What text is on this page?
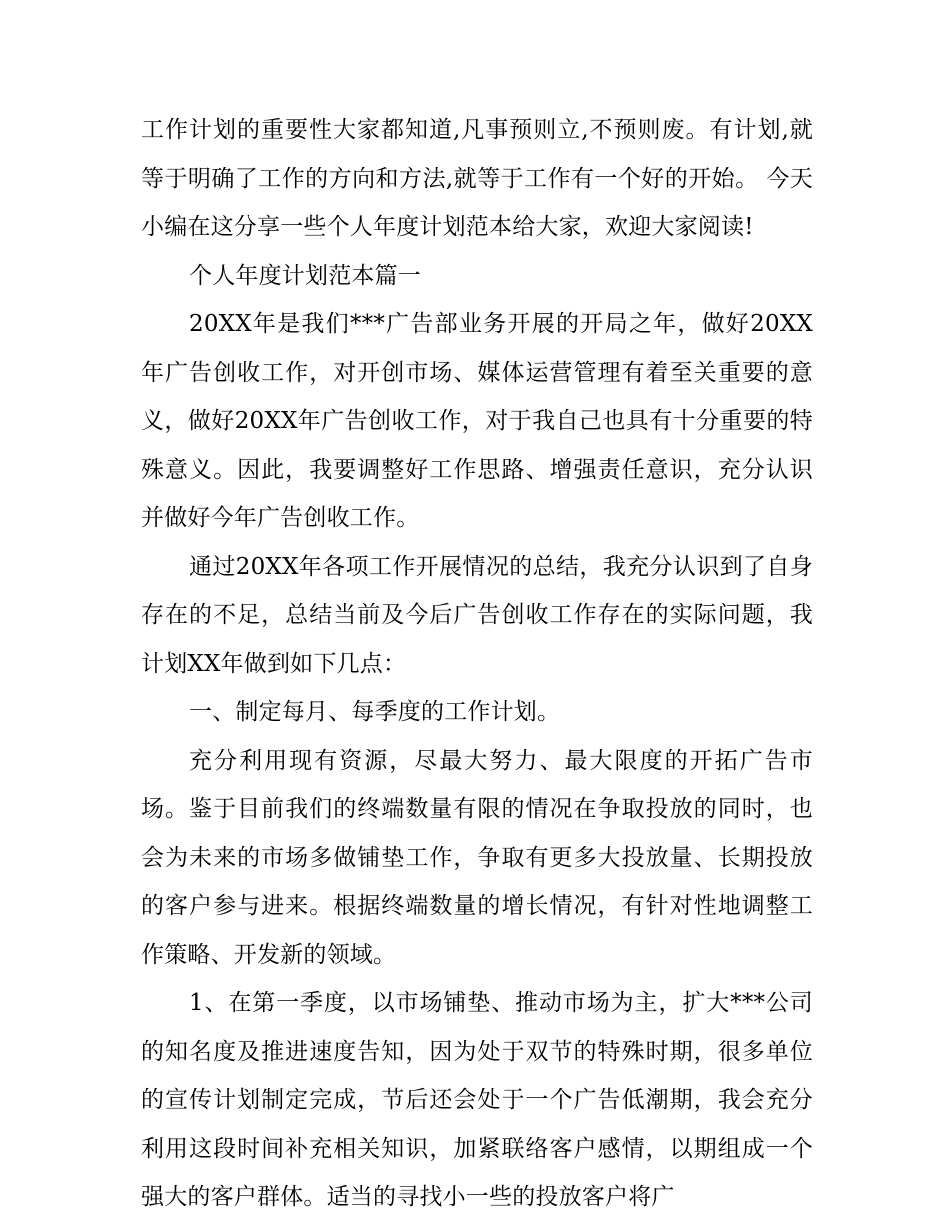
工作计划的重要性大家都知道,凡事预则立,不预则废。有计划,就等于明确了工作的方向和方法,就等于工作有一个好的开始。 今天小编在这分享一些个人年度计划范本给大家，欢迎大家阅读!

个人年度计划范本篇一

20XX年是我们***广告部业务开展的开局之年，做好20XX年广告创收工作，对开创市场、媒体运营管理有着至关重要的意义，做好20XX年广告创收工作，对于我自己也具有十分重要的特殊意义。因此，我要调整好工作思路、增强责任意识，充分认识并做好今年广告创收工作。

通过20XX年各项工作开展情况的总结，我充分认识到了自身存在的不足，总结当前及今后广告创收工作存在的实际问题，我计划XX年做到如下几点：

一、制定每月、每季度的工作计划。

充分利用现有资源，尽最大努力、最大限度的开拓广告市场。鉴于目前我们的终端数量有限的情况在争取投放的同时，也会为未来的市场多做铺垫工作，争取有更多大投放量、长期投放的客户参与进来。根据终端数量的增长情况，有针对性地调整工作策略、开发新的领域。

1、在第一季度，以市场铺垫、推动市场为主，扩大***公司的知名度及推进速度告知，因为处于双节的特殊时期，很多单位的宣传计划制定完成，节后还会处于一个广告低潮期，我会充分利用这段时间补充相关知识，加紧联络客户感情，以期组成一个强大的客户群体。适当的寻找小一些的投放客户将广
